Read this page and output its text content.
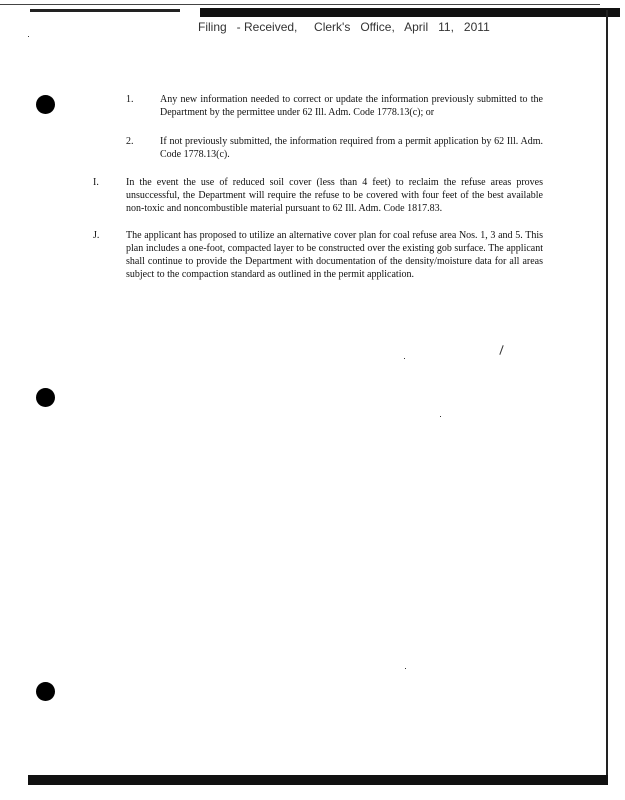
Filing   - Received,     Clerk's   Office,   April   11,   2011
1.	Any new information needed to correct or update the information previously submitted to the Department by the permittee under 62 Ill. Adm. Code 1778.13(c); or
2.	If not previously submitted, the information required from a permit application by 62 Ill. Adm. Code 1778.13(c).
I.	In the event the use of reduced soil cover (less than 4 feet) to reclaim the refuse areas proves unsuccessful, the Department will require the refuse to be covered with four feet of the best available non-toxic and noncombustible material pursuant to 62 Ill. Adm. Code 1817.83.
J.	The applicant has proposed to utilize an alternative cover plan for coal refuse area Nos. 1, 3 and 5. This plan includes a one-foot, compacted layer to be constructed over the existing gob surface. The applicant shall continue to provide the Department with documentation of the density/moisture data for all areas subject to the compaction standard as outlined in the permit application.
